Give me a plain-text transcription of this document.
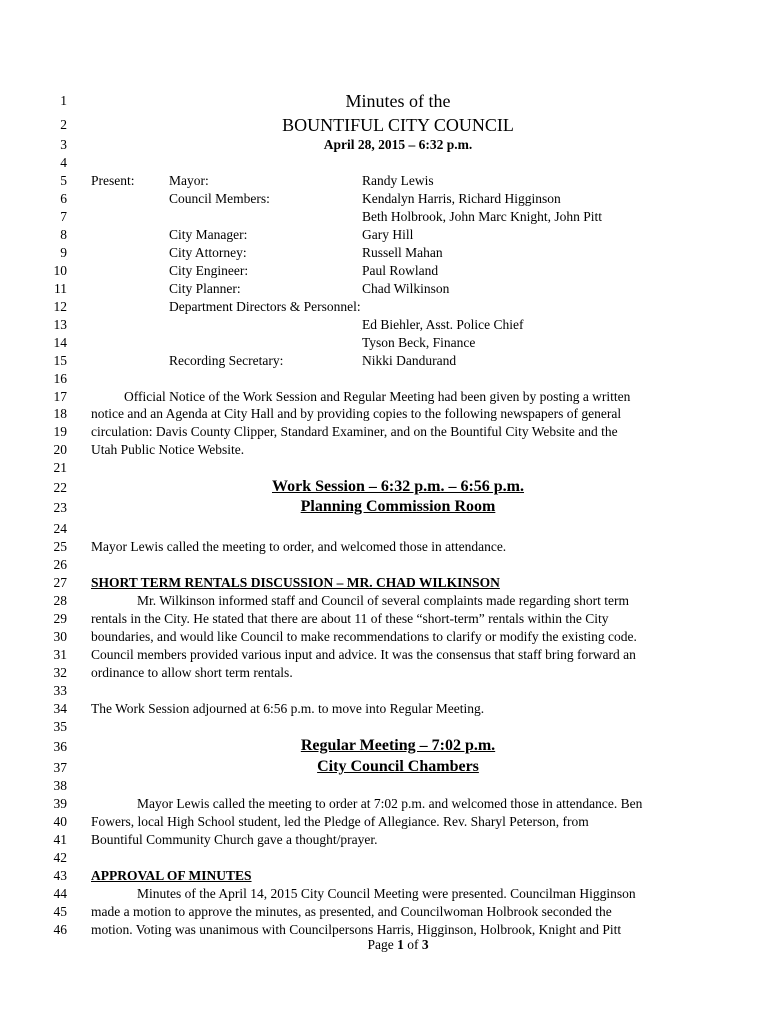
1
2
3
4
5
6
7
8
9
10
11
12
13
14
15
16
17
18
19
20
21
22
23
24
25
26
27
28
29
30
31
32
33
34
35
36
37
38
39
40
41
42
43
44
45
46
Minutes of the
BOUNTIFUL CITY COUNCIL
April 28, 2015 – 6:32 p.m.
Present:	Mayor:	Randy Lewis
Council Members:	Kendalyn Harris, Richard Higginson
Beth Holbrook, John Marc Knight, John Pitt
City Manager:	Gary Hill
City Attorney:	Russell Mahan
City Engineer:	Paul Rowland
City Planner:	Chad Wilkinson
Department Directors & Personnel:
Ed Biehler, Asst. Police Chief
Tyson Beck, Finance
Recording Secretary:	Nikki Dandurand
Official Notice of the Work Session and Regular Meeting had been given by posting a written
notice and an Agenda at City Hall and by providing copies to the following newspapers of general
circulation: Davis County Clipper, Standard Examiner, and on the Bountiful City Website and the
Utah Public Notice Website.
Work Session – 6:32 p.m. – 6:56 p.m.
Planning Commission Room
Mayor Lewis called the meeting to order, and welcomed those in attendance.
SHORT TERM RENTALS DISCUSSION – MR. CHAD WILKINSON
Mr. Wilkinson informed staff and Council of several complaints made regarding short term
rentals in the City. He stated that there are about 11 of these “short-term” rentals within the City
boundaries, and would like Council to make recommendations to clarify or modify the existing code.
Council members provided various input and advice. It was the consensus that staff bring forward an
ordinance to allow short term rentals.
The Work Session adjourned at 6:56 p.m. to move into Regular Meeting.
Regular Meeting – 7:02 p.m.
City Council Chambers
Mayor Lewis called the meeting to order at 7:02 p.m. and welcomed those in attendance. Ben
Fowers, local High School student, led the Pledge of Allegiance. Rev. Sharyl Peterson, from
Bountiful Community Church gave a thought/prayer.
APPROVAL OF MINUTES
Minutes of the April 14, 2015 City Council Meeting were presented. Councilman Higginson
made a motion to approve the minutes, as presented, and Councilwoman Holbrook seconded the
motion. Voting was unanimous with Councilpersons Harris, Higginson, Holbrook, Knight and Pitt
Page 1 of 3
